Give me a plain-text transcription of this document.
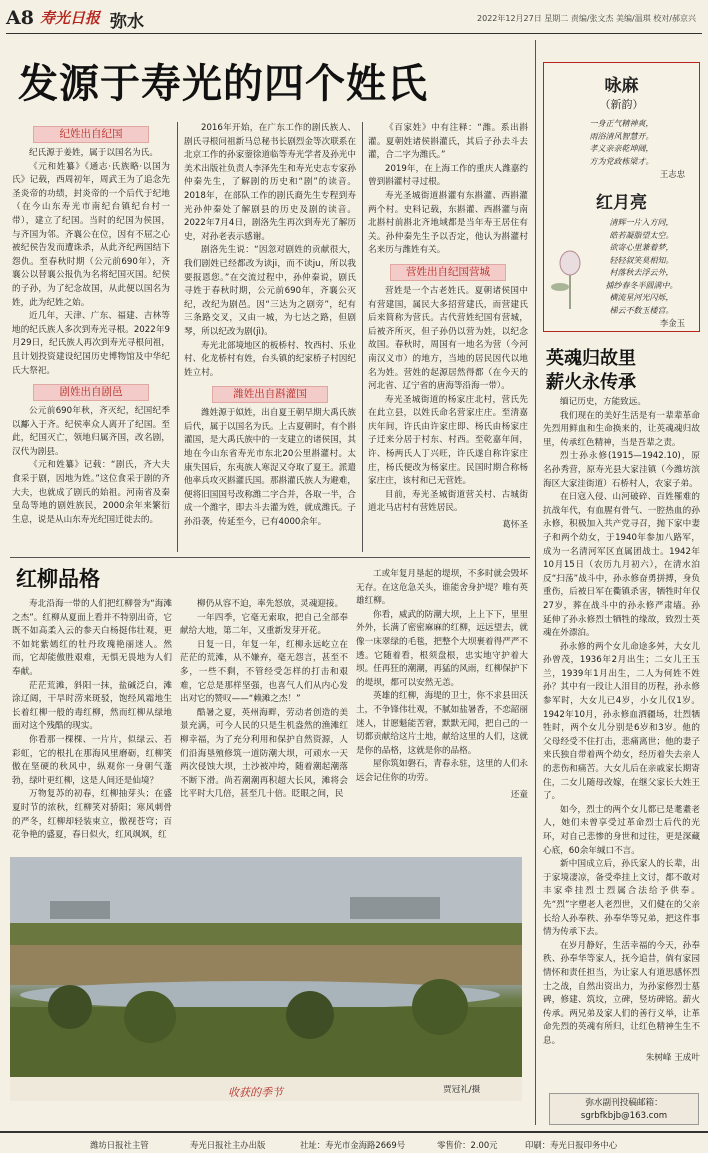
A8 寿光日报 弥水	2022年12月27日 星期二 责编/张文杰 美编/温琪 校对/郝京兴
发源于寿光的四个姓氏
纪姓出自纪国

纪氏源于姜姓，属于以国名为氏。

《元和姓纂》《通志·氏族略·以国为氏》记载，西周初年，周武王为了追念先圣炎帝的功绩，封炎帝的一个后代于纪地（在今山东寿光市南纪台镇纪台村一带），建立了纪国。当时的纪国为侯国，与齐国为邻。齐襄公在位，因有不屈之心被纪侯告发而遭诛杀，从此齐纪两国结下怨仇。至春秋时期（公元前690年），齐襄公以替襄公报仇为名将纪国灭国。纪侯的子孙，为了纪念故国，从此便以国名为姓，此为纪姓之始。

近几年，天津、广东、福建、吉林等地的纪氏族人多次到寿光寻根。2022年9月29日，纪氏族人再次到寿光寻根问祖，且计划投资建设纪国历史博物馆及中华纪氏大祭祀。

剧姓出自剧邑

公元前690年秋，齐灭纪，纪国纪季以酅入于齐。纪侯率众人离开了纪国。至此，纪国灭亡，领地归属齐国，改名剧，汉代为剧县。

《元和姓纂》记载：“剧氏，齐大夫食采于剧，因地为姓。”这位食采于剧的齐大夫，也就成了剧氏的始祖。河南省及秦皇岛等地的剧姓族民，2000余年来繁衍生息，说是从山东寿光纪国迁徙去的。

2016年开始，在广东工作的剧氏族人、剧氏寻根问祖新马总秘书长剧烈金等次联系在北京工作的孙家蓥徐道临等寿光学者及孙光中美术出版社负责人李泽先生和寿光史志专家孙仲秦先生，了解剧的历史和“剧”的读音。2018年，在部队工作的剧氏裔先生专程到寿光孙仲秦处了解剧县的历史及剧的读音。2022年7月4日，剧洛先生再次到寿光了解历史，对孙老表示感谢。

剧洛先生说：“因忽对剧姓的贡献很大，我们剧姓已经都改为读ji，而不读ju，所以我要报恩您。”在交流过程中，孙仲秦说，剧氏寻姓于春秋时期，公元前690年，齐襄公灭纪，改纪为剧邑。因“三达为之剧旁”，纪有三条路交叉，又由一城，为七达之路，但剧琴，所以纪改为剧(jì)。

寿光北部境地区的板桥村、牧西村、乐业村、化龙桥村有姓，台头镇的纪家桥子村因纪姓立村。

潍姓出自斟灌国

潍姓源于姒姓，出自夏王朝早期大禹氏族后代，属于以国名为氏。上古夏朝时，有个斟灌国，是大禹氏族中的一支建立的诸侯国，其地在今山东省寿光市东北20公里斟灌村。太康失国后，东夷族人寒浞又夺取了夏王。派遣他率兵攻灭斟灌氏国。那斟灌氏族人为避难，便将旧国国号改称潍二字合并，各取一半，合成一个潍字，即去斗去灌为姓，就成潍氏。子孙沿袭，传延至今，已有4000余年。

《百家姓》中有注释：“潍。系出斟灌。夏朝姓诸侯斟灌氏，其后子孙去斗去灌，合二字为潍氏。”

2019年，在上海工作的重庆人潍嘉约曾到斟灌村寻过根。

寿光圣城街道斟灌有东斟灌、西斟灌两个村。史料记载，东斟灌、西斟灌与南北斟村前斟北齐地域都是当年寿王居住有关。孙仲秦先生予以否定，他认为斟灌村名来历与潍姓有关。

营姓出自纪国营城

营姓是一个古老姓氏。夏朝诸侯国中有营建国，属民大多招营建氏，而营建氏后来简称为营氏。古代营姓纪国有营城，后被齐所灭，但子孙仍以营为姓，以纪念故国。春秋时，周国有一地名为营（今河南汉义市）的地方，当地的居民因代以地名为姓。营姓的起源居然得都（在今天的河北省、辽宁省的唐海等沿海一带）。

寿光圣城街道的杨家庄北村，营氏先在此立县，以姓氏命名营家庄庄。至清嘉庆年间，许氏由许家庄即、杨氏由杨家庄子迁来分居于村东、村西。至乾嘉年间，许、杨两氏人丁兴旺，许氏遂自称许家庄庄，杨氏便改为杨家庄。民国时期合称杨家庄庄，该村和已无营姓。

目前，寿光圣城街道营关村、古城街道北马店村有营姓居民。

葛怀圣
红柳品格

寿北沿海一带的人们把红柳誉为“海滩之杰”。红柳从夏面上看并不特别出奇，它既不如高柔入云的参天白杨挺伟壮观，更不如姹紫嫣红的牡丹玫瑰艳丽迷人。然而，它却能傲胜艰难，无惧无畏地为人们奉献。

茫茫荒滩，斜阳一抹，盐碱泛白，滩涂辽阔，干旱时涝来斑驳，饱经风霜地生长着红柳一般的毒红柳，然而红柳从绿地面对这个残酷的现实。

你看那一棵棵、一片片，似绿云、若彩虹，它的根扎在那海风里磨砺，红柳笑傲在坚硬的秋风中，纵观你一身朝气蓬勃，绿叶更红柳，这是人间还是仙境？

万物复苏的初春，红柳抽芽头；在盛夏时节的浓秋，红柳笑对骄阳；寒风刺骨的严冬，红柳却轻装束立，傲视苍穹；百花争艳的盛夏，春日似火，红风飒飒，红

柳仍从容不迫，率先怒放，灵魂迎接。

一年四季，它毫无索取，把自己全部奉献给大地，第二年，又重新发芽开花。

日复一日，年复一年，红柳永远屹立在茫茫的荒滩，从不嫌弃，毫无怨言，甚至不多，一些不剩，不管经受怎样的打击和艰难，它总是那样坚强，也喜气人们从内心发出对它的赞叹——“赖滩之杰！”

酷暑之夏，英州海畔，劳动者创造的美景充满，可今人民的只是生机盎然的渔滩红柳幸福，为了充分利用和保护自然资源，人们沿海垦殖修筑一道防潮大坝，可顽水一天两次侵蚀大坝，土沙被冲垮，随着潮起潮落不断下滑。尚若潮潮再积超大长风，滩将会比平时大几倍，甚至几十倍。眨眼之间，民

工或年复月垦起的堤坝，不多时就会毁坏无存。在这危急关头，谁能舍身护堤？唯有英雄红柳。

你看，威武的防潮大坝，上上下下，里里外外，长满了密密麻麻的红柳，远远望去，就像一床翠绿的毛毯，把整个大坝裹着得严严不透。它随着看，根须盘根，忠实地守护着大坝。任再狂的潮潮，再猛的风雨，红柳保护下的堤坝，都可以安然无恙。

英雄的红柳，海堤的卫士，你不求县田沃土，不争锋伟壮观，不腻如盐暑香，不恋韶丽迷人，甘愿魁能苦窘，默默无闻，把自己的一切都贡献给这片土地，献给这里的人们，这就是你的品格，这就是你的品格。

屋你筑如磐石，青春永驻，这里的人们永远会记住你的功劳。

还童
收获的季节	贾冠礼/摄
咏麻
（新韵）
一身正气精神爽，
雨浴清风智慧开。
孝义亲亲乾坤阔，
方为党政栋梁才。
王志忠
红月亮
清辉一片入方同，
皓若凝脂望太空。
欲寄心里兼着梦，
轻轻叙笑莫相知。
村落秋去浮云外，
捕纱春冬半圆满中。
横流星河光闪烁，
梯云不数玉楼宫。
李金玉
英魂归故里
薪火永传承

缅记历史，方能致远。

我们现在的美好生活是有一辈辈革命先烈用鲜血和生命换来的，让英魂魂归故里，传承红色精神，当是吾辈之责。

烈士孙永修(1915—1942.10)，原名孙秀营，原寿光县大家洼镇（今潍坊滨海区大家洼街道）石桥村人，农家子弟。

在日寇入侵、山河破碎、百姓罹难的抗战年代，有血腥有骨气、一腔热血的孙永修，积极加入共产党寻召，抛下家中妻子和两个幼女，于1940年参加八路军，成为一名清河军区直属团战士。1942年10月15日（农历九月初六），在清水泊反“扫荡”战斗中，孙永修奋勇拼搏，身负重伤，后被日军在衢镇杀害，牺牲时年仅27岁，葬在战斗中的孙永修严肃墙。孙延伸了孙永修烈士牺牲的缘故，致烈士英魂在外漂泊。

孙永修的两个女儿命途多舛，大女儿孙曾茂，1936年2月出生；二女儿王玉兰，1939年1月出生，二人为何姓不姓孙？其中有一段让人泪目的历程，孙永修参军时，大女儿已4岁，小女儿仅1岁。1942年10月，孙永修血洒疆场，壮烈牺牲时，两个女儿分别是6岁和3岁。他的父母经受不住打击，悲痛离世；他的妻子来氏独自带着两个幼女，经历着失去亲人的悲伤和痛苦。大女儿后在亲戚家长期寄住，二女儿随母改嫁，在继父家长大姓王了。

如今，烈士的两个女儿都已是耄耋老人，她们未曾享受过革命烈士后代的光环，对自己悲惨的身世和过往，更是深藏心底，60余年缄口不言。

新中国成立后，孙氏家人的长辈，出于家境凄凉，备受牵挂上文讨，都不敢对丰家牵挂烈士烈属合法给予供奉。先“烈”字塑老人老烈世，又们健在的父亲长给人孙奉秩、孙奉华等兄弟，把这件事情为传承下去。

在岁月静好，生活幸福的今天，孙奉秩、孙奉华等家人，抚今追昔，倘有家园情怀和责任担当，为让家人有道思感怀烈士之战，自然出资出力，为孙家修烈士墓碑，修建、筑坟，立碑，竖坊碑铭。薪火传承。两兄弟及家人们的善行义举，让革命先烈的英魂有所归，让红色精神生生不息。

朱树峰 王成叶
弥水副刊投稿邮箱：
sgrbfkbjb@163.com
潍坊日报社主管	寿光日报社主办出版	社址：寿光市金海路2669号	零售价：2.00元	印刷：寿光日报印务中心
